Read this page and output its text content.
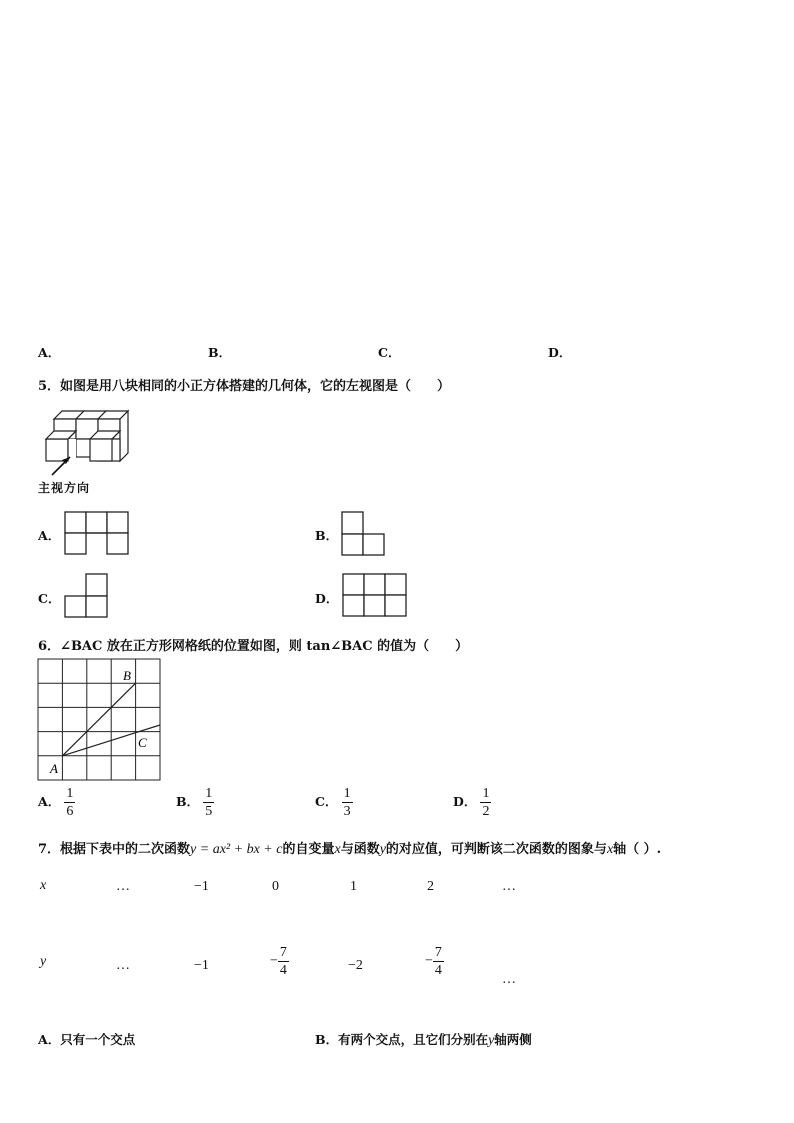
A．	B．	C．	D．
5．如图是用八块相同的小正方体搭建的几何体，它的左视图是（　　）
主视方向
A．	B．
C．	D．
6．∠BAC 放在正方形网格纸的位置如图，则 tan∠BAC 的值为（　　）
B
C
A
A． $\frac{1}{6}$	B． $\frac{1}{5}$	C． $\frac{1}{3}$	D． $\frac{1}{2}$
7．根据下表中的二次函数y = ax² + bx + c的自变量x与函数y的对应值，可判断该二次函数的图象与x轴（ ）.
x	…	−1	0	1	2	…
y	…	−1	− $\frac{7}{4}$	−2	− $\frac{7}{4}$
…
A．只有一个交点	B．有两个交点，且它们分别在y轴两侧
